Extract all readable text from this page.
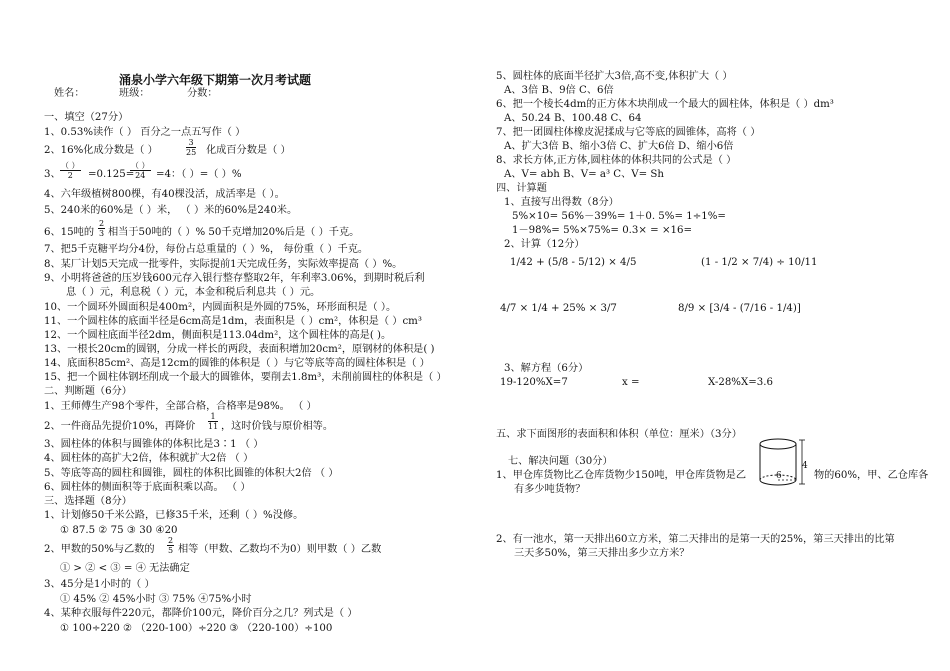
涌泉小学六年级下期第一次月考试题
姓名：	班级：	分数：
一、填空（27分）
1、0.53%读作（ ） 百分之一点五写作（ ）
2、16%化成分数是（ ）	$\frac{3}{25}$ 化成百分数是（ ）
3、 $\frac{( )}{2} =0.125=$
$\frac{( )}{24} =4$：（ ）=（ ）%
4、六年级植树800棵，有40棵没活，成活率是（ ）。
5、240米的60%是（ ）米， （ ）米的60%是240米。
6、15吨的 $\frac{2}{3}$ 相当于50吨的（ ）% 50千克增加20%后是（ ）千克。
7、把5千克糖平均分4份，每份占总重量的（ ）%， 每份重（ ）千克。
8、某厂计划5天完成一批零件，实际提前1天完成任务，实际效率提高（ ）%。
9、小明将爸爸的压岁钱600元存入银行整存整取2年，年利率3.06%，到期时税后利
息（ ）元，利息税（ ）元，本金和税后利息共（ ）元。
10、一个圆环外圆面积是400m²，内圆面积是外圆的75%，环形面积是（ ）。
11、一个圆柱体的底面半径是6cm高是1dm，表面积是（ ）cm²，体积是（ ）cm³
12、一个圆柱底面半径2dm，侧面积是113.04dm²，这个圆柱体的高是( )。
13、一根长20cm的圆钢，分成一样长的两段，表面积增加20cm²，原钢材的体积是( )
14、底面积85cm²、高是12cm的圆锥的体积是（ ）与它等底等高的圆柱体积是（ ）
15、把一个圆柱体钢坯削成一个最大的圆锥体，要削去1.8m³，未削前圆柱的体积是（ ）
二、判断题（6分）
1、王师傅生产98个零件，全部合格，合格率是98%。 （ ）
2、一件商品先提价10%，再降价 $\frac{1}{11}$ ，这时价钱与原价相等。
3、圆柱体的体积与圆锥体的体积比是3∶1 （ ）
4、圆柱体的高扩大2倍，体积就扩大2倍 （ ）
5、等底等高的圆柱和圆锥，圆柱的体积比圆锥的体积大2倍 （ ）
6、圆柱体的侧面积等于底面积乘以高。 （ ）
三、选择题（8分）
1、计划修50千米公路，已修35千米，还剩（ ）%没修。
① 87.5 ② 75 ③ 30 ④20
2、甲数的50%与乙数的 $\frac{2}{5}$ 相等（甲数、乙数均不为0）则甲数（ ）乙数
① > ② < ③ = ④ 无法确定
3、45分是1小时的（ ）
① 45% ② 45%小时 ③ 75% ④75%小时
4、某种衣服每件220元，都降价100元，降价百分之几？列式是（ ）
① 100÷220 ② （220-100）÷220 ③ （220-100）÷100
5、圆柱体的底面半径扩大3倍,高不变,体积扩大（ ）
A、3倍 B、9倍 C、6倍
6、把一个棱长4dm的正方体木块削成一个最大的圆柱体，体积是（ ）dm³
A、50.24 B、100.48 C、64
7、把一团圆柱体橡皮泥揉成与它等底的圆锥体，高将（ ）
A、扩大3倍 B、缩小3倍 C、扩大6倍 D、缩小6倍
8、求长方体,正方体,圆柱体的体积共同的公式是（ ）
A、V= abh B、V= a³ C、V= Sh
四、计算题
1、直接写出得数（8分）
5%×10= 56%－39%= 1＋0. 5%= 1÷1%=
1－98%= 5%×75%= 0.3× = ×16=
2、计算（12分）
1/42 + (5/8 - 5/12) × 4/5	(1 - 1/2 × 7/4) ÷ 10/11
4/7 × 1/4 + 25% × 3/7	8/9 × [3/4 - (7/16 - 1/4)]
3、解方程（6分）
19-120%X=7	x =	X-28%X=3.6
五、求下面图形的表面积和体积（单位：厘米）（3分）
4
6
七、解决问题（30分）
1、甲仓库货物比乙仓库货物少150吨，甲仓库货物是乙	物的60%，甲、乙仓库各
有多少吨货物？
2、有一池水，第一天排出60立方米，第二天排出的是第一天的25%，第三天排出的比第
三天多50%，第三天排出多少立方米？
